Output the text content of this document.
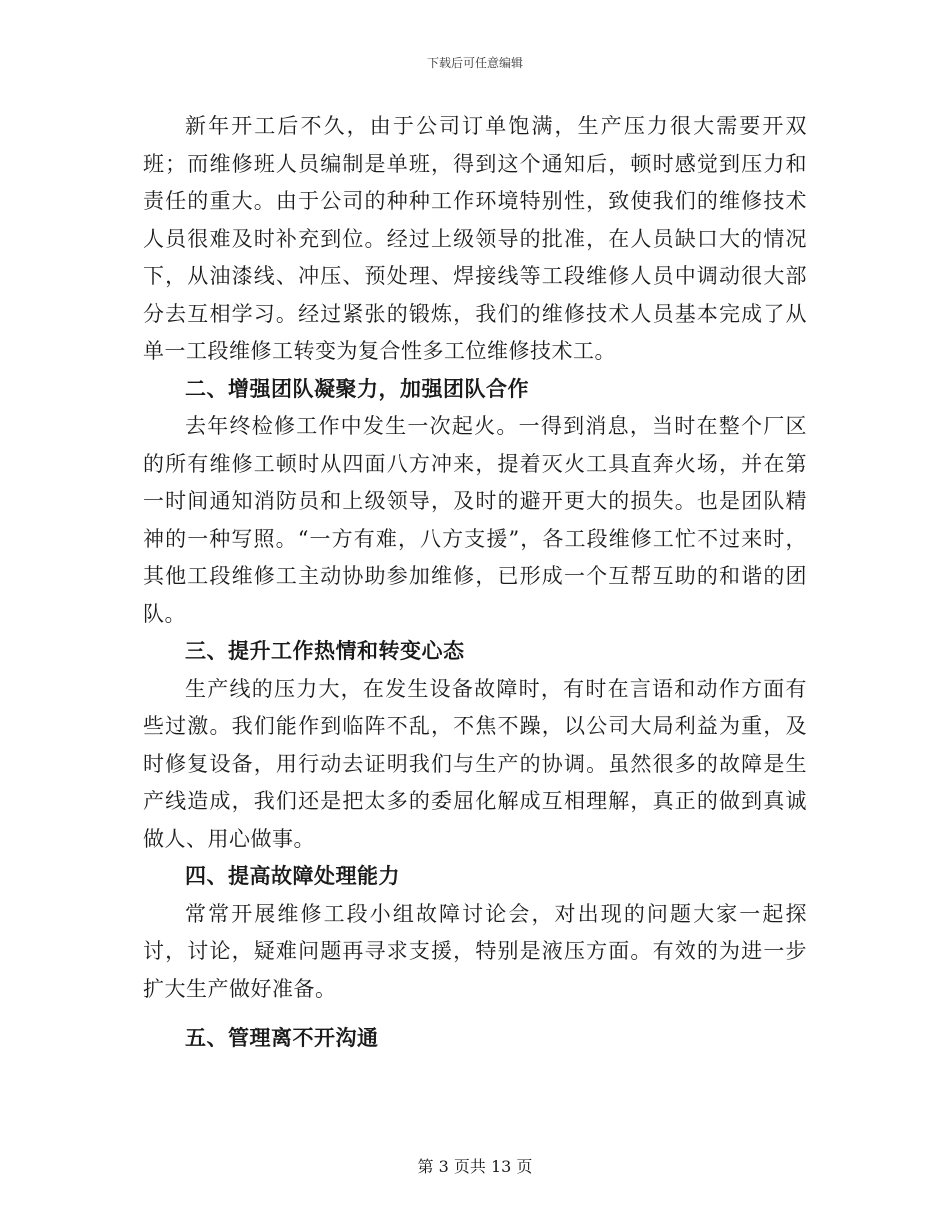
下载后可任意编辑

新年开工后不久，由于公司订单饱满，生产压力很大需要开双班；而维修班人员编制是单班，得到这个通知后，顿时感觉到压力和责任的重大。由于公司的种种工作环境特别性，致使我们的维修技术人员很难及时补充到位。经过上级领导的批准，在人员缺口大的情况下，从油漆线、冲压、预处理、焊接线等工段维修人员中调动很大部分去互相学习。经过紧张的锻炼，我们的维修技术人员基本完成了从单一工段维修工转变为复合性多工位维修技术工。

二、增强团队凝聚力，加强团队合作

去年终检修工作中发生一次起火。一得到消息，当时在整个厂区的所有维修工顿时从四面八方冲来，提着灭火工具直奔火场，并在第一时间通知消防员和上级领导，及时的避开更大的损失。也是团队精神的一种写照。“一方有难，八方支援”，各工段维修工忙不过来时，其他工段维修工主动协助参加维修，已形成一个互帮互助的和谐的团队。

三、提升工作热情和转变心态

生产线的压力大，在发生设备故障时，有时在言语和动作方面有些过激。我们能作到临阵不乱，不焦不躁，以公司大局利益为重，及时修复设备，用行动去证明我们与生产的协调。虽然很多的故障是生产线造成，我们还是把太多的委屈化解成互相理解，真正的做到真诚做人、用心做事。

四、提高故障处理能力

常常开展维修工段小组故障讨论会，对出现的问题大家一起探讨，讨论，疑难问题再寻求支援，特别是液压方面。有效的为进一步扩大生产做好准备。

五、管理离不开沟通

第 3 页共 13 页
